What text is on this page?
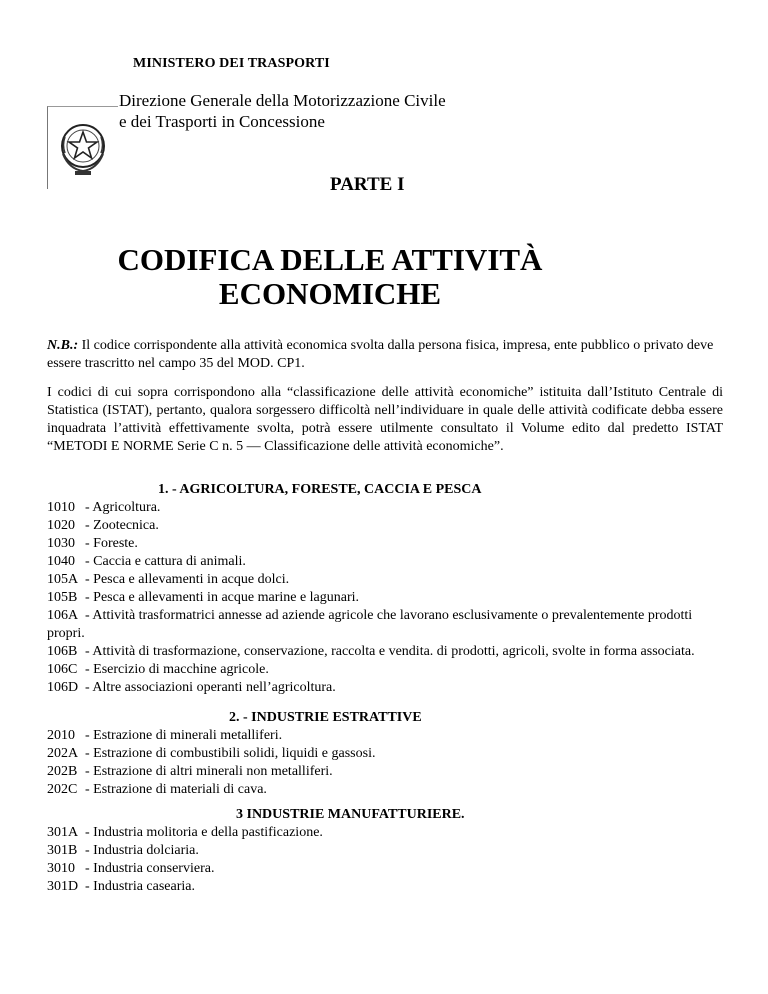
MINISTERO DEI TRASPORTI
Direzione Generale della Motorizzazione Civile
e dei Trasporti in Concessione
PARTE I
CODIFICA DELLE ATTIVITÀ
ECONOMICHE
N.B.: Il codice corrispondente alla attività economica svolta dalla persona fisica, impresa, ente pubblico o privato deve essere trascritto nel campo 35 del MOD. CP1.
I codici di cui sopra corrispondono alla “classificazione delle attività economiche” istituita dall’Istituto Centrale di Statistica (ISTAT), pertanto, qualora sorgessero difficoltà nell’individuare in quale delle attività codificate debba essere inquadrata l’attività effettivamente svolta, potrà essere utilmente consultato il Volume edito dal predetto ISTAT “METODI E NORME Serie C n. 5 — Classificazione delle attività economiche”.
1. - AGRICOLTURA, FORESTE, CACCIA E PESCA
1010 - Agricoltura.
1020 - Zootecnica.
1030 - Foreste.
1040 - Caccia e cattura di animali.
105A - Pesca e allevamenti in acque dolci.
105B - Pesca e allevamenti in acque marine e lagunari.
106A - Attività trasformatrici annesse ad aziende agricole che lavorano esclusivamente o prevalentemente prodotti propri.
106B - Attività di trasformazione, conservazione, raccolta e vendita. di prodotti, agricoli, svolte in forma associata.
106C - Esercizio di macchine agricole.
106D - Altre associazioni operanti nell’agricoltura.
2. - INDUSTRIE ESTRATTIVE
2010 - Estrazione di minerali metalliferi.
202A - Estrazione di combustibili solidi, liquidi e gassosi.
202B - Estrazione di altri minerali non metalliferi.
202C - Estrazione di materiali di cava.
3 INDUSTRIE MANUFATTURIERE.
301A - Industria molitoria e della pastificazione.
301B - Industria dolciaria.
3010 - Industria conserviera.
301D - Industria casearia.
